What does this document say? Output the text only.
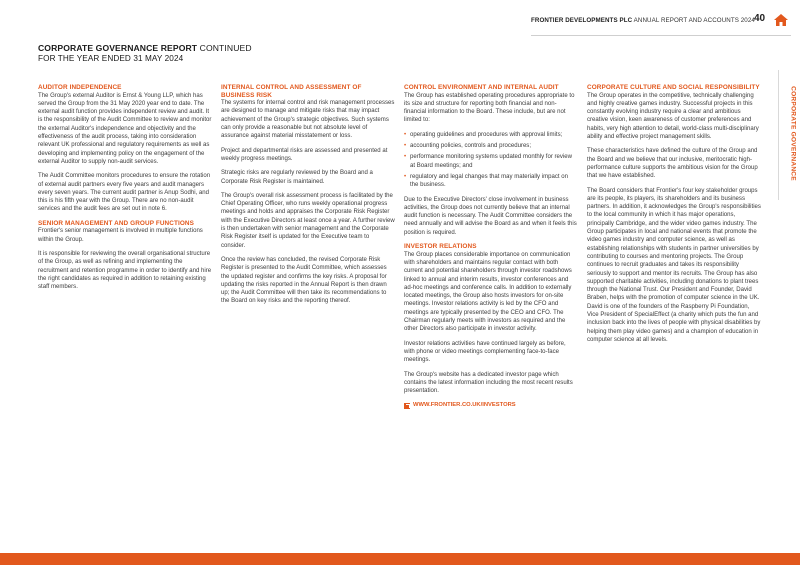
FRONTIER DEVELOPMENTS PLC ANNUAL REPORT AND ACCOUNTS 2024 40
CORPORATE GOVERNANCE REPORT CONTINUED
FOR THE YEAR ENDED 31 MAY 2024
CORPORATE GOVERNANCE
AUDITOR INDEPENDENCE

The Group's external Auditor is Ernst & Young LLP, which has served the Group from the 31 May 2020 year end to date. The external audit function provides independent review and audit. It is the responsibility of the Audit Committee to review and monitor the external Auditor's independence and objectivity and the effectiveness of the audit process, taking into consideration relevant UK professional and regulatory requirements as well as developing and implementing policy on the engagement of the external Auditor to supply non-audit services.

The Audit Committee monitors procedures to ensure the rotation of external audit partners every five years and audit managers every seven years. The current audit partner is Anup Sodhi, and this is his fifth year with the Group. There are no non-audit services and the audit fees are set out in note 6.

SENIOR MANAGEMENT AND GROUP FUNCTIONS

Frontier's senior management is involved in multiple functions within the Group.

It is responsible for reviewing the overall organisational structure of the Group, as well as refining and implementing the recruitment and retention programme in order to identify and hire the right candidates as required in addition to retaining existing staff members.

INTERNAL CONTROL AND ASSESSMENT OF BUSINESS RISK

The systems for internal control and risk management processes are designed to manage and mitigate risks that may impact achievement of the Group's strategic objectives. Such systems can only provide a reasonable but not absolute level of assurance against material misstatement or loss.

Project and departmental risks are assessed and presented at weekly progress meetings.

Strategic risks are regularly reviewed by the Board and a Corporate Risk Register is maintained.

The Group's overall risk assessment process is facilitated by the Chief Operating Officer, who runs weekly operational progress meetings and holds and appraises the Corporate Risk Register with the Executive Directors at least once a year. A further review is then undertaken with senior management and the Corporate Risk Register itself is updated for the Executive team to consider.

Once the review has concluded, the revised Corporate Risk Register is presented to the Audit Committee, which assesses the updated register and confirms the key risks. A proposal for updating the risks reported in the Annual Report is then drawn up; the Audit Committee will then take its recommendations to the Board on key risks and the reporting thereof.

CONTROL ENVIRONMENT AND INTERNAL AUDIT

The Group has established operating procedures appropriate to its size and structure for reporting both financial and non-financial information to the Board. These include, but are not limited to:

• operating guidelines and procedures with approval limits;
• accounting policies, controls and procedures;
• performance monitoring systems updated monthly for review at Board meetings; and
• regulatory and legal changes that may materially impact on the business.

Due to the Executive Directors' close involvement in business activities, the Group does not currently believe that an internal audit function is necessary. The Audit Committee considers the need annually and will advise the Board as and when it feels this position is required.

INVESTOR RELATIONS

The Group places considerable importance on communication with shareholders and maintains regular contact with both current and potential shareholders through investor roadshows linked to annual and interim results, investor conferences and ad-hoc meetings and conference calls. In addition to externally located meetings, the Group also hosts investors for on-site meetings. Investor relations activity is led by the CFO and meetings are typically presented by the CEO and CFO. The Chairman regularly meets with investors as required and the other Directors also participate in investor activity.

Investor relations activities have continued largely as before, with phone or video meetings complementing face-to-face meetings.

The Group's website has a dedicated investor page which contains the latest information including the most recent results presentation.

WWW.FRONTIER.CO.UK/INVESTORS
CORPORATE CULTURE AND SOCIAL RESPONSIBILITY

The Group operates in the competitive, technically challenging and highly creative games industry. Successful projects in this constantly evolving industry require a clear and ambitious creative vision, keen awareness of customer preferences and habits, very high attention to detail, world-class multi-disciplinary ability and effective project management skills.

These characteristics have defined the culture of the Group and the Board and we believe that our inclusive, meritocratic high-performance culture supports the ambitious vision for the Group that we have established.

The Board considers that Frontier's four key stakeholder groups are its people, its players, its shareholders and its business partners. In addition, it acknowledges the Group's responsibilities to the local community in which it has major operations, principally Cambridge, and the wider video games industry. The Group participates in local and national events that promote the video games industry and computer science, as well as establishing relationships with students in partner universities by contributing to courses and mentoring projects. The Group continues to recruit graduates and takes its responsibility seriously to support and mentor its recruits. The Group has also supported charitable activities, including donations to plant trees through the National Trust. Our President and Founder, David Braben, helps with the promotion of computer science in the UK. David is one of the founders of the Raspberry Pi Foundation, Vice President of SpecialEffect (a charity which puts the fun and inclusion back into the lives of people with physical disabilities by helping them play video games) and a champion of education in computer science at all levels.
